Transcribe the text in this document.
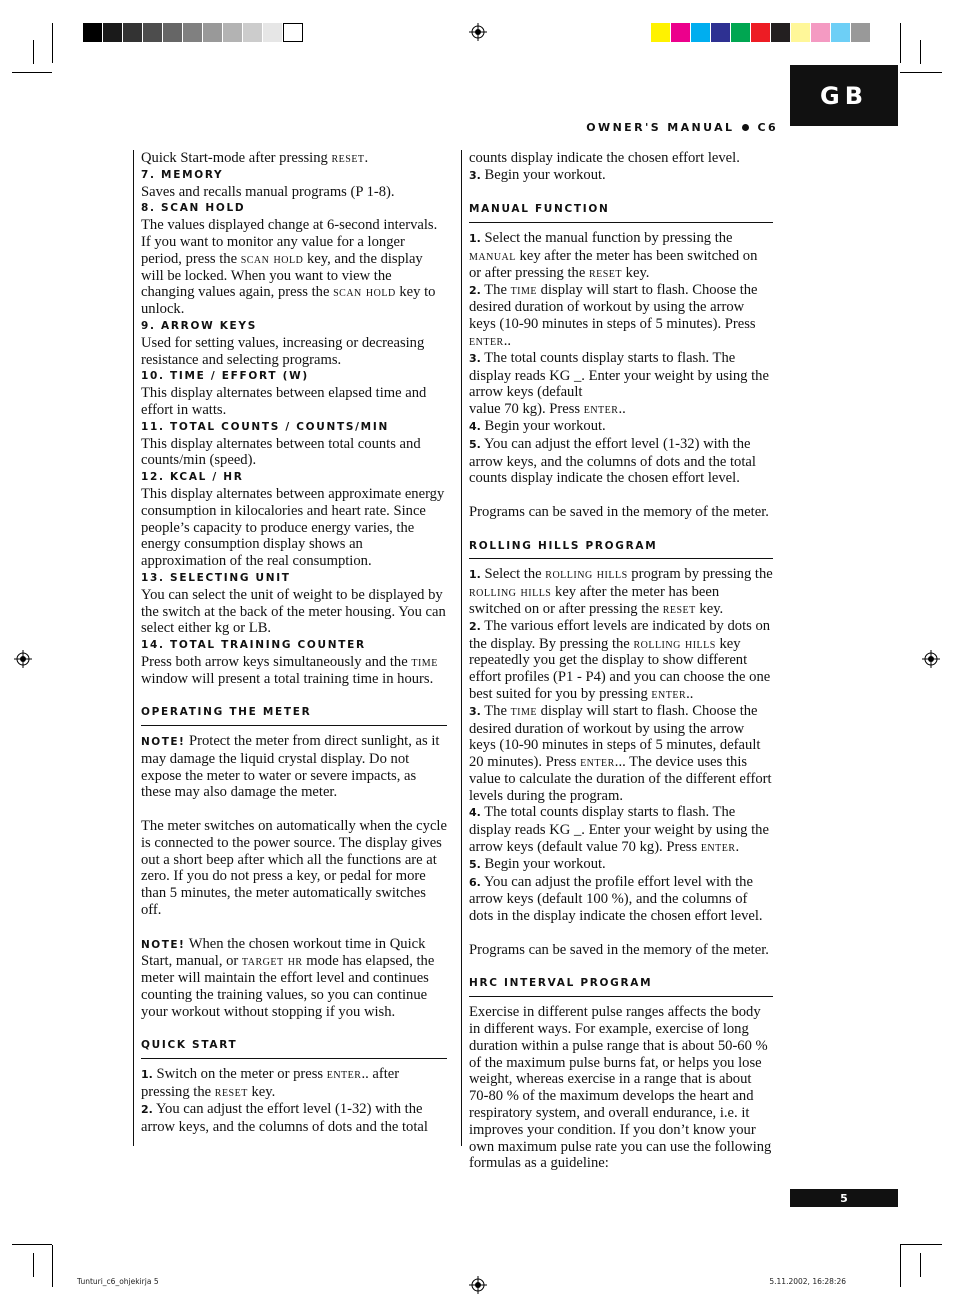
GB
OWNER'S MANUAL C6

Quick Start-mode after pressing reset.

7. MEMORY

Saves and recalls manual programs (P 1-8).

8. SCAN HOLD

The values displayed change at 6-second intervals. If you want to monitor any value for a longer period, press the scan hold key, and the display will be locked. When you want to view the changing values again, press the scan hold key to unlock.

9. ARROW KEYS

Used for setting values, increasing or decreasing resistance and selecting programs.

10. TIME / EFFORT (W)

This display alternates between elapsed time and effort in watts.

11. TOTAL COUNTS / COUNTS/MIN

This display alternates between total counts and counts/min (speed).

12. KCAL / HR

This display alternates between approximate energy consumption in kilocalories and heart rate. Since people’s capacity to produce energy varies, the energy consumption display shows an approximation of the real consumption.

13. SELECTING UNIT

You can select the unit of weight to be displayed by the switch at the back of the meter housing. You can select either kg or LB.

14. TOTAL TRAINING COUNTER

Press both arrow keys simultaneously and the time window will present a total training time in hours.

OPERATING THE METER

NOTE! Protect the meter from direct sunlight, as it may damage the liquid crystal display. Do not expose the meter to water or severe impacts, as these may also damage the meter.

The meter switches on automatically when the cycle is connected to the power source. The display gives out a short beep after which all the functions are at zero. If you do not press a key, or pedal for more than 5 minutes, the meter automatically switches off.

NOTE! When the chosen workout time in Quick Start, manual, or target hr mode has elapsed, the meter will maintain the effort level and continues counting the training values, so you can continue your workout without stopping if you wish.

QUICK START

1. Switch on the meter or press enter.. after pressing the reset key.

2. You can adjust the effort level (1-32) with the arrow keys, and the columns of dots and the total

counts display indicate the chosen effort level.

3. Begin your workout.

MANUAL FUNCTION

1. Select the manual function by pressing the manual key after the meter has been switched on or after pressing the reset key.

2. The time display will start to flash. Choose the desired duration of workout by using the arrow keys (10-90 minutes in steps of 5 minutes). Press enter..

3. The total counts display starts to flash. The display reads KG _. Enter your weight by using the arrow keys (default
value 70 kg). Press enter..

4. Begin your workout.

5. You can adjust the effort level (1-32) with the arrow keys, and the columns of dots and the total counts display indicate the chosen effort level.

Programs can be saved in the memory of the meter.

ROLLING HILLS PROGRAM

1. Select the rolling hills program by pressing the rolling hills key after the meter has been switched on or after pressing the reset key.

2. The various effort levels are indicated by dots on the display. By pressing the rolling hills key repeatedly you get the display to show different effort profiles (P1 - P4) and you can choose the one best suited for you by pressing enter..

3. The time display will start to flash. Choose the desired duration of workout by using the arrow keys (10-90 minutes in steps of 5 minutes, default 20 minutes). Press enter... The device uses this value to calculate the duration of the different effort levels during the program.

4. The total counts display starts to flash. The display reads KG _. Enter your weight by using the arrow keys (default value 70 kg). Press enter.

5. Begin your workout.

6. You can adjust the profile effort level with the arrow keys (default 100 %), and the columns of dots in the display indicate the chosen effort level.

Programs can be saved in the memory of the meter.

HRC INTERVAL PROGRAM

Exercise in different pulse ranges affects the body in different ways. For example, exercise of long duration within a pulse range that is about 50-60 % of the maximum pulse burns fat, or helps you lose weight, whereas exercise in a range that is about 70-80 % of the maximum develops the heart and respiratory system, and overall endurance, i.e. it improves your condition. If you don’t know your own maximum pulse rate you can use the following formulas as a guideline:

5
Tunturi_c6_ohjekirja 5	5.11.2002, 16:28:26
